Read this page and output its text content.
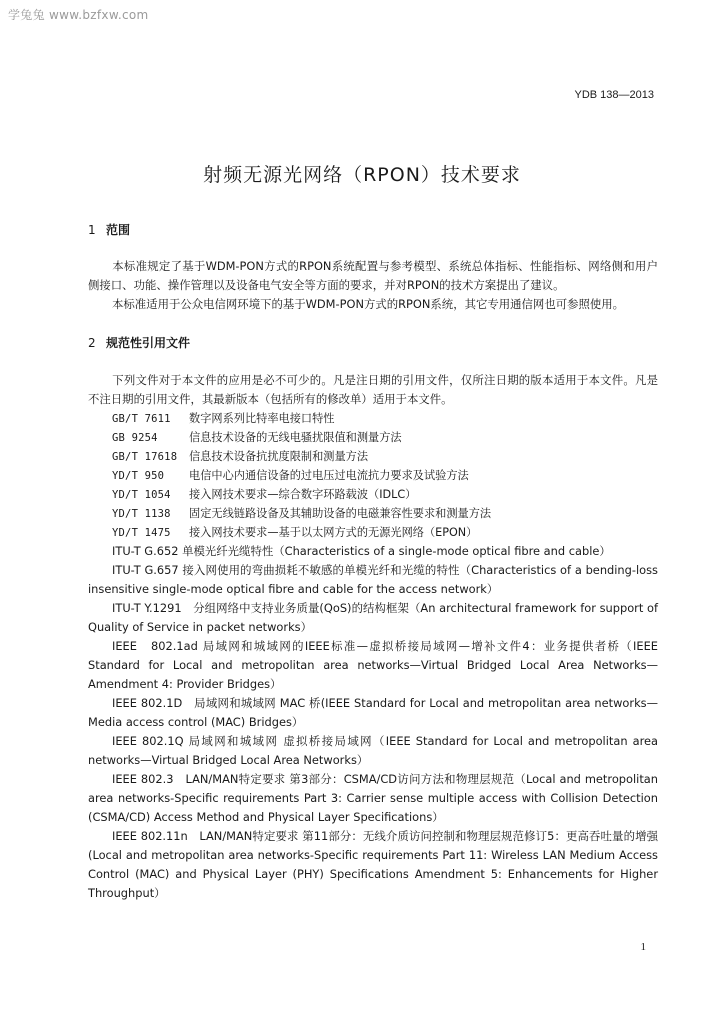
学兔兔 www.bzfxw.com
YDB 138—2013
射频无源光网络（RPON）技术要求
1 范围
本标准规定了基于WDM-PON方式的RPON系统配置与参考模型、系统总体指标、性能指标、网络侧和用户侧接口、功能、操作管理以及设备电气安全等方面的要求，并对RPON的技术方案提出了建议。
本标准适用于公众电信网环境下的基于WDM-PON方式的RPON系统，其它专用通信网也可参照使用。
2 规范性引用文件
下列文件对于本文件的应用是必不可少的。凡是注日期的引用文件，仅所注日期的版本适用于本文件。凡是不注日期的引用文件，其最新版本（包括所有的修改单）适用于本文件。
GB/T 7611 数字网系列比特率电接口特性
GB 9254	信息技术设备的无线电骚扰限值和测量方法
GB/T 17618 信息技术设备抗扰度限制和测量方法
YD/T 950 电信中心内通信设备的过电压过电流抗力要求及试验方法
YD/T 1054 接入网技术要求—综合数字环路载波（IDLC）
YD/T 1138 固定无线链路设备及其辅助设备的电磁兼容性要求和测量方法
YD/T 1475 接入网技术要求—基于以太网方式的无源光网络（EPON）
ITU-T G.652 单模光纤光缆特性（Characteristics of a single-mode optical fibre and cable）
ITU-T G.657 接入网使用的弯曲损耗不敏感的单模光纤和光缆的特性（Characteristics of a bending-loss insensitive single-mode optical fibre and cable for the access network）
ITU-T Y.1291　分组网络中支持业务质量(QoS)的结构框架（An architectural framework for support of Quality of Service in packet networks）
IEEE　802.1ad 局域网和城域网的IEEE标准—虚拟桥接局域网—增补文件4：业务提供者桥（IEEE Standard for Local and metropolitan area networks—Virtual Bridged Local Area Networks—Amendment 4: Provider Bridges）
IEEE 802.1D　局域网和城域网 MAC 桥(IEEE Standard for Local and metropolitan area networks—Media access control (MAC) Bridges）
IEEE 802.1Q 局域网和城域网 虚拟桥接局域网（IEEE Standard for Local and metropolitan area networks—Virtual Bridged Local Area Networks）
IEEE 802.3　LAN/MAN特定要求 第3部分：CSMA/CD访问方法和物理层规范（Local and metropolitan area networks-Specific requirements Part 3: Carrier sense multiple access with Collision Detection (CSMA/CD) Access Method and Physical Layer Specifications）
IEEE 802.11n　LAN/MAN特定要求 第11部分：无线介质访问控制和物理层规范修订5：更高吞吐量的增强(Local and metropolitan area networks-Specific requirements Part 11: Wireless LAN Medium Access Control (MAC) and Physical Layer (PHY) Specifications Amendment 5: Enhancements for Higher Throughput）
1
